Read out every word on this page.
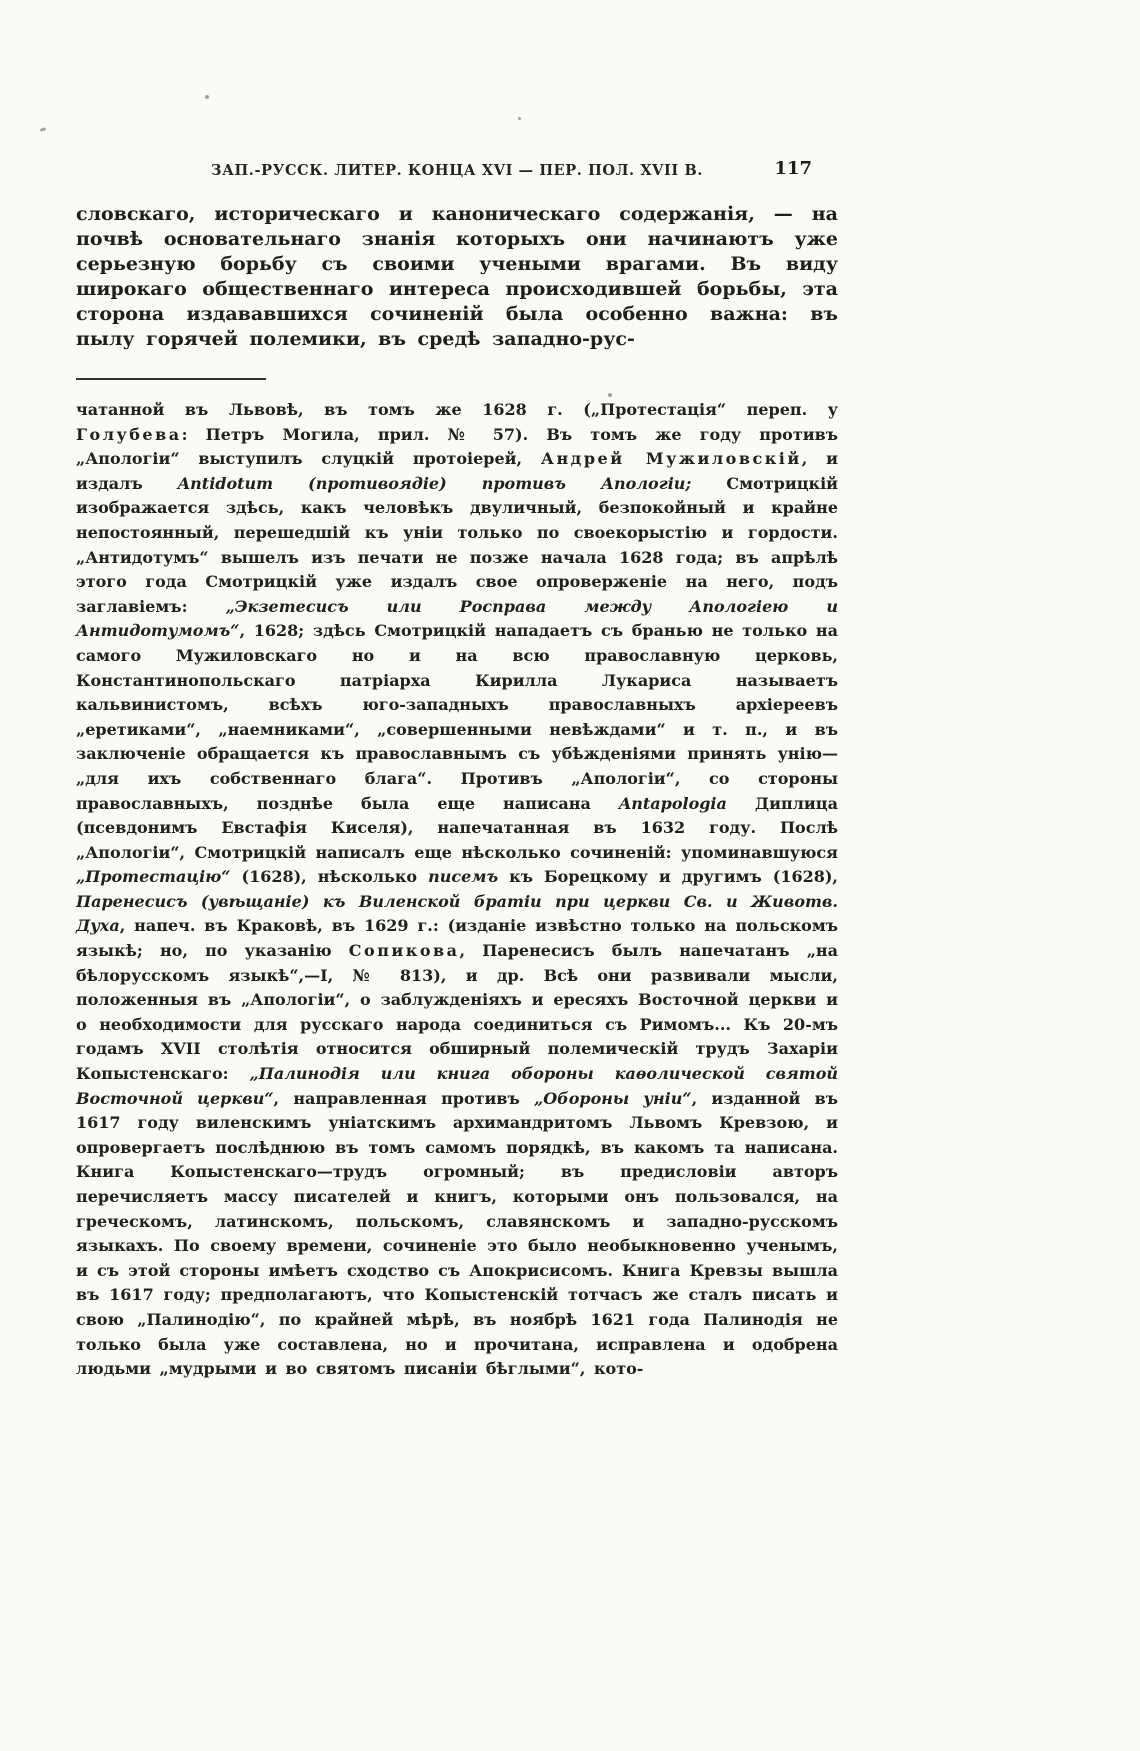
ЗАП.-РУССК. ЛИТЕР. КОНЦА XVI — ПЕР. ПОЛ. XVII В.	117
словскаго, историческаго и каноническаго содержанія, — на почвѣ основательнаго знанія которыхъ они начинаютъ уже серьезную борьбу съ своими учеными врагами. Въ виду широкаго общественнаго интереса происходившей борьбы, эта сторона издававшихся сочиненій была особенно важна: въ пылу горячей полемики, въ средѣ западно-рус-
чатанной въ Львовѣ, въ томъ же 1628 г. („Протестація“ переп. у Голубева: Петръ Могила, прил. № 57). Въ томъ же году противъ „Апологіи“ выступилъ слуцкій протоіерей, Андрей Мужиловскій, и издалъ Antidotum (противоядіе) противъ Апологіи; Смотрицкій изображается здѣсь, какъ человѣкъ двуличный, безпокойный и крайне непостоянный, перешедшій къ уніи только по своекорыстію и гордости. „Антидотумъ“ вышелъ изъ печати не позже начала 1628 года; въ апрѣлѣ этого года Смотрицкій уже издалъ свое опроверженіе на него, подъ заглавіемъ: „Экзетесисъ или Росправа между Апологіею и Антидотумомъ“, 1628; здѣсь Смотрицкій нападаетъ съ бранью не только на самого Мужиловскаго но и на всю православную церковь, Константинопольскаго патріарха Кирилла Лукариса называетъ кальвинистомъ, всѣхъ юго-западныхъ православныхъ архіереевъ „еретиками“, „наемниками“, „совершенными невѣждами“ и т. п., и въ заключеніе обращается къ православнымъ съ убѣжденіями принять унію— „для ихъ собственнаго блага“. Противъ „Апологіи“, со стороны православныхъ, позднѣе была еще написана Antapologia Диплица (псевдонимъ Евстафія Киселя), напечатанная въ 1632 году. Послѣ „Апологіи“, Смотрицкій написалъ еще нѣсколько сочиненій: упоминавшуюся „Протестацію“ (1628), нѣсколько писемъ къ Борецкому и другимъ (1628), Паренесисъ (увѣщаніе) къ Виленской братіи при церкви Св. и Животв. Духа, напеч. въ Краковѣ, въ 1629 г.: (изданіе извѣстно только на польскомъ языкѣ; но, по указанію Сопикова, Паренесисъ былъ напечатанъ „на бѣлорусскомъ языкѣ“,—I, № 813), и др. Всѣ они развивали мысли, положенныя въ „Апологіи“, о заблужденіяхъ и ересяхъ Восточной церкви и о необходимости для русскаго народа соединиться съ Римомъ... Къ 20-мъ годамъ XVII столѣтія относится обширный полемическій трудъ Захаріи Копыстенскаго: „Палинодія или книга обороны каѳолической святой Восточной церкви“, направленная противъ „Обороны уніи“, изданной въ 1617 году виленскимъ уніатскимъ архимандритомъ Львомъ Кревзою, и опровергаетъ послѣднюю въ томъ самомъ порядкѣ, въ какомъ та написана. Книга Копыстенскаго—трудъ огромный; въ предисловіи авторъ перечисляетъ массу писателей и книгъ, которыми онъ пользовался, на греческомъ, латинскомъ, польскомъ, славянскомъ и западно-русскомъ языкахъ. По своему времени, сочиненіе это было необыкновенно ученымъ, и съ этой стороны имѣетъ сходство съ Апокрисисомъ. Книга Кревзы вышла въ 1617 году; предполагаютъ, что Копыстенскій тотчасъ же сталъ писать и свою „Палинодію“, по крайней мѣрѣ, въ ноябрѣ 1621 года Палинодія не только была уже составлена, но и прочитана, исправлена и одобрена людьми „мудрыми и во святомъ писаніи бѣглыми“, кото-
